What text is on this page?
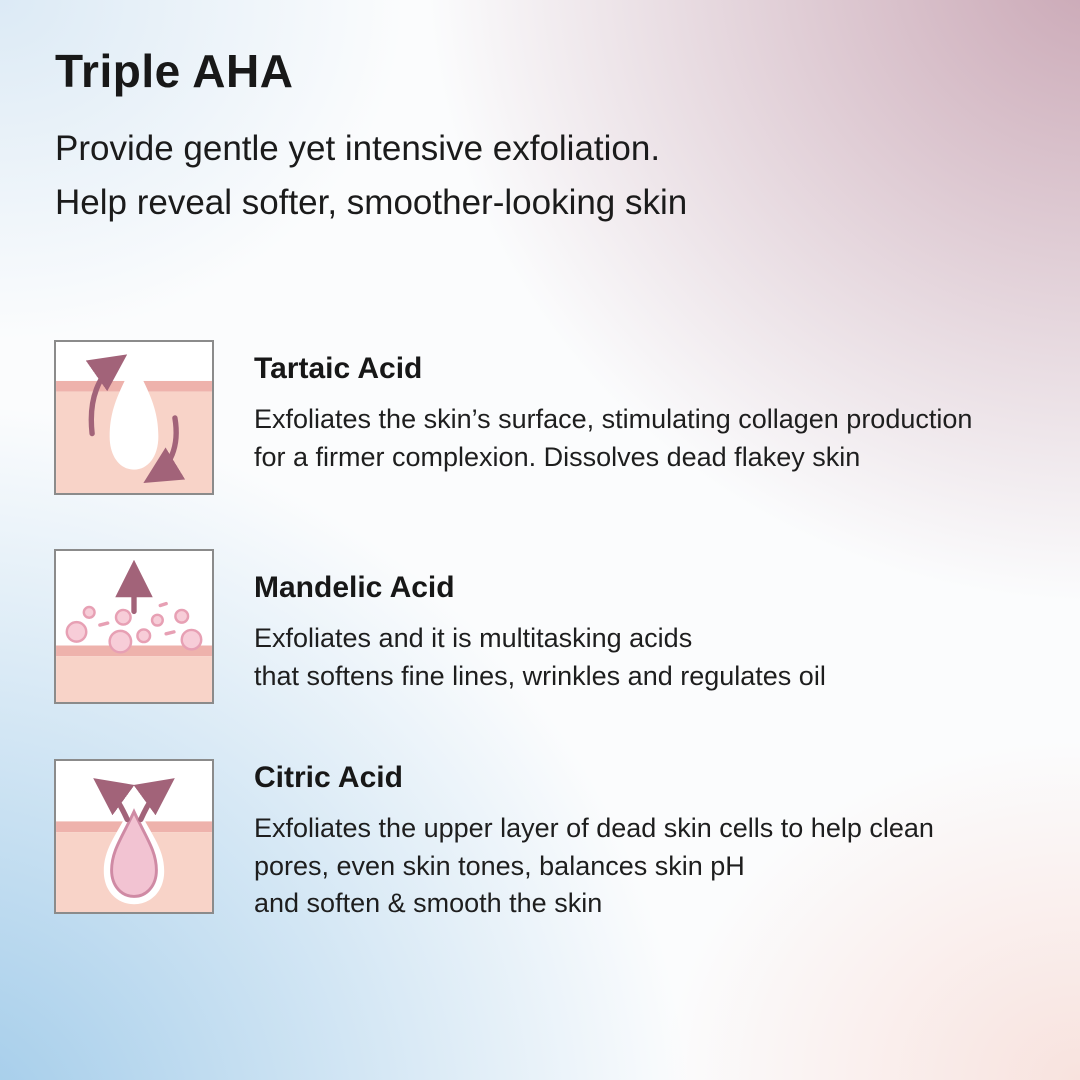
Triple AHA
Provide gentle yet intensive exfoliation.
Help reveal softer, smoother-looking skin
Tartaic Acid
Exfoliates the skin’s surface, stimulating collagen production
for a firmer complexion. Dissolves dead flakey skin
Mandelic Acid
Exfoliates and it is multitasking acids
that softens fine lines, wrinkles and regulates oil
Citric Acid
Exfoliates the upper layer of dead skin cells to help clean
pores, even skin tones, balances skin pH
and soften & smooth the skin
